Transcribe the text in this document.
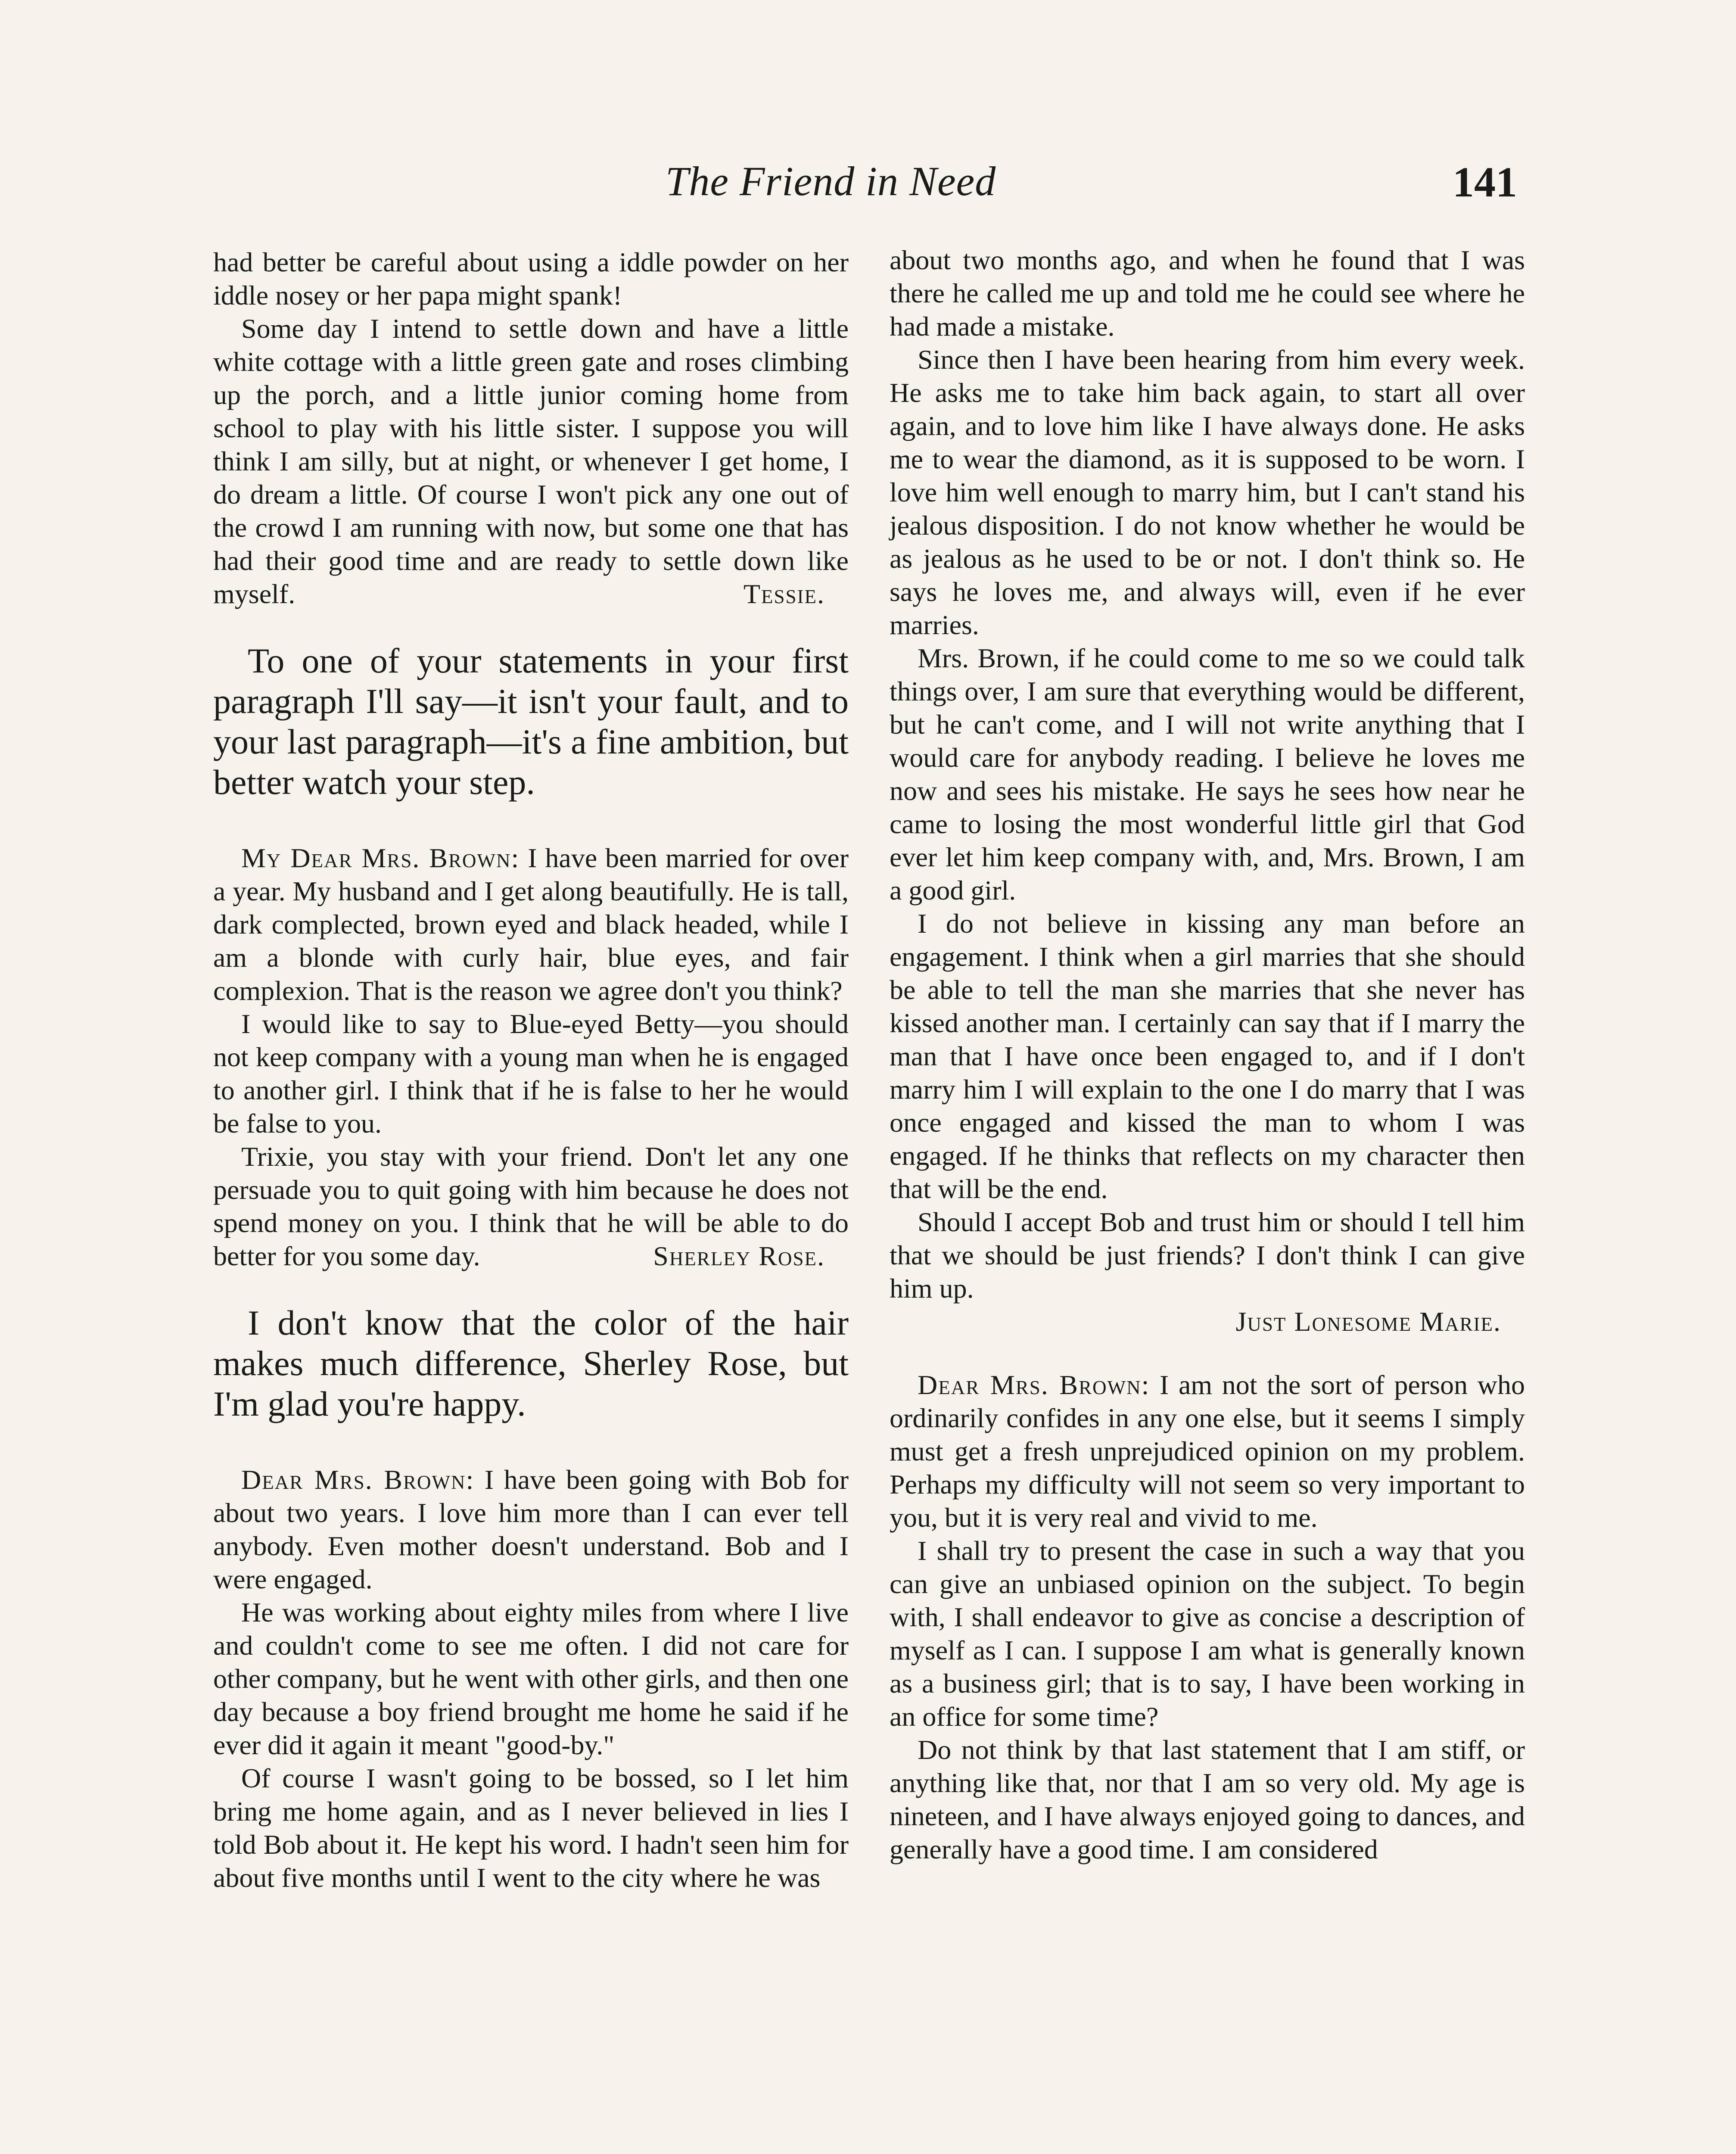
The Friend in Need	141

had better be careful about using a iddle powder on her iddle nosey or her papa might spank!

Some day I intend to settle down and have a little white cottage with a little green gate and roses climbing up the porch, and a little junior coming home from school to play with his little sister. I suppose you will think I am silly, but at night, or whenever I get home, I do dream a little. Of course I won't pick any one out of the crowd I am running with now, but some one that has had their good time and are ready to settle down like myself.	Tessie.

To one of your statements in your first paragraph I'll say—it isn't your fault, and to your last paragraph—it's a fine ambition, but better watch your step.

My Dear Mrs. Brown: I have been married for over a year. My husband and I get along beautifully. He is tall, dark complected, brown eyed and black headed, while I am a blonde with curly hair, blue eyes, and fair complexion. That is the reason we agree don't you think?

I would like to say to Blue-eyed Betty—you should not keep company with a young man when he is engaged to another girl. I think that if he is false to her he would be false to you.

Trixie, you stay with your friend. Don't let any one persuade you to quit going with him because he does not spend money on you. I think that he will be able to do better for you some day.	Sherley Rose.

I don't know that the color of the hair makes much difference, Sherley Rose, but I'm glad you're happy.

Dear Mrs. Brown: I have been going with Bob for about two years. I love him more than I can ever tell anybody. Even mother doesn't understand. Bob and I were engaged.

He was working about eighty miles from where I live and couldn't come to see me often. I did not care for other company, but he went with other girls, and then one day because a boy friend brought me home he said if he ever did it again it meant "good-by."

Of course I wasn't going to be bossed, so I let him bring me home again, and as I never believed in lies I told Bob about it. He kept his word. I hadn't seen him for about five months until I went to the city where he was

about two months ago, and when he found that I was there he called me up and told me he could see where he had made a mistake.

Since then I have been hearing from him every week. He asks me to take him back again, to start all over again, and to love him like I have always done. He asks me to wear the diamond, as it is supposed to be worn. I love him well enough to marry him, but I can't stand his jealous disposition. I do not know whether he would be as jealous as he used to be or not. I don't think so. He says he loves me, and always will, even if he ever marries.

Mrs. Brown, if he could come to me so we could talk things over, I am sure that everything would be different, but he can't come, and I will not write anything that I would care for anybody reading. I believe he loves me now and sees his mistake. He says he sees how near he came to losing the most wonderful little girl that God ever let him keep company with, and, Mrs. Brown, I am a good girl.

I do not believe in kissing any man before an engagement. I think when a girl marries that she should be able to tell the man she marries that she never has kissed another man. I certainly can say that if I marry the man that I have once been engaged to, and if I don't marry him I will explain to the one I do marry that I was once engaged and kissed the man to whom I was engaged. If he thinks that reflects on my character then that will be the end.

Should I accept Bob and trust him or should I tell him that we should be just friends? I don't think I can give him up.

Just Lonesome Marie.

Dear Mrs. Brown: I am not the sort of person who ordinarily confides in any one else, but it seems I simply must get a fresh unprejudiced opinion on my problem. Perhaps my difficulty will not seem so very important to you, but it is very real and vivid to me.

I shall try to present the case in such a way that you can give an unbiased opinion on the subject. To begin with, I shall endeavor to give as concise a description of myself as I can. I suppose I am what is generally known as a business girl; that is to say, I have been working in an office for some time?

Do not think by that last statement that I am stiff, or anything like that, nor that I am so very old. My age is nineteen, and I have always enjoyed going to dances, and generally have a good time. I am considered
